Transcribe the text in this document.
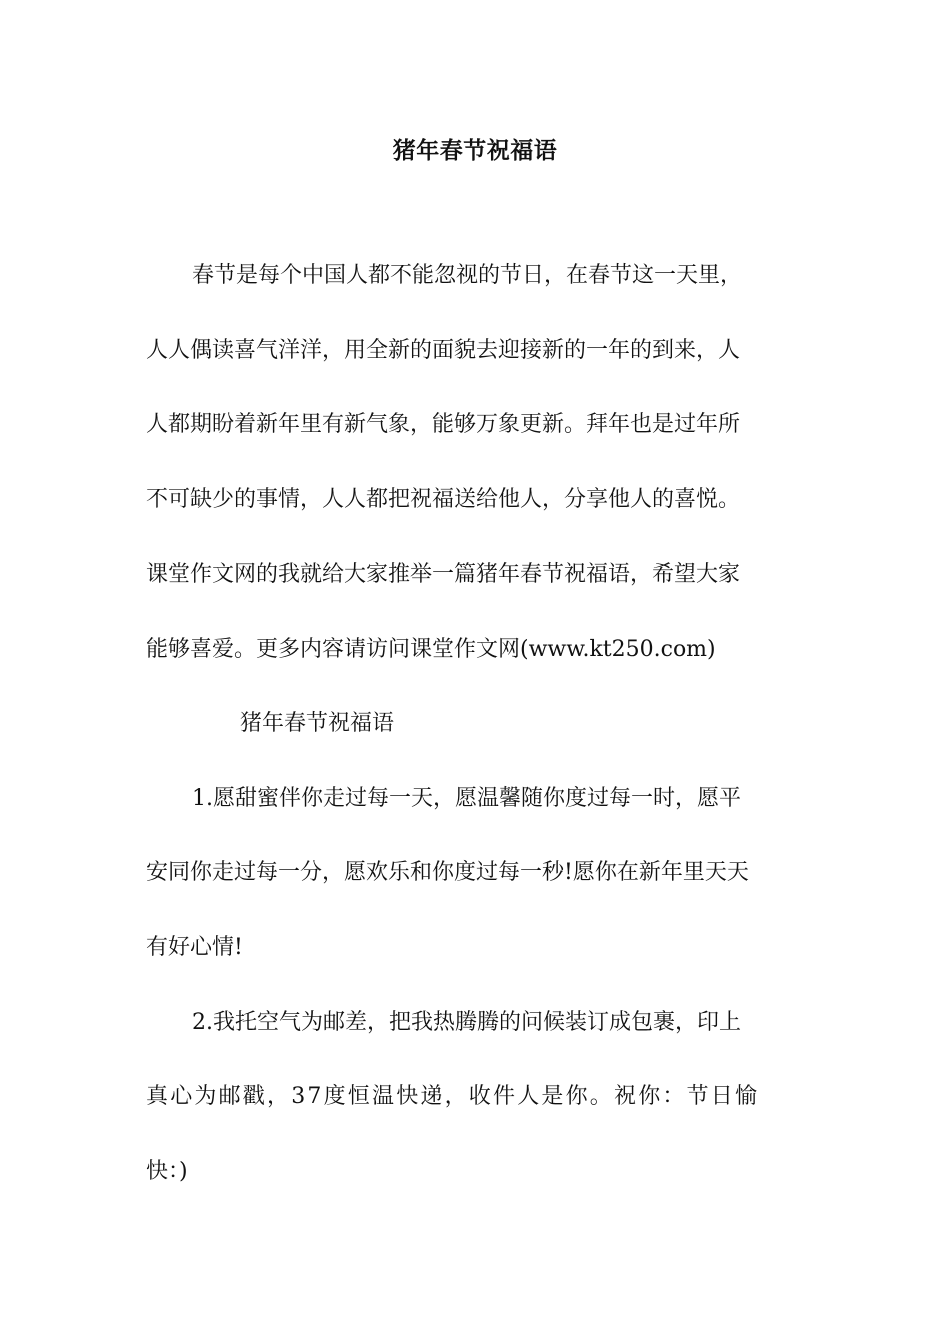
猪年春节祝福语
春节是每个中国人都不能忽视的节日，在春节这一天里，
人人偶读喜气洋洋，用全新的面貌去迎接新的一年的到来，人
人都期盼着新年里有新气象，能够万象更新。拜年也是过年所
不可缺少的事情，人人都把祝福送给他人，分享他人的喜悦。
课堂作文网的我就给大家推举一篇猪年春节祝福语，希望大家
能够喜爱。更多内容请访问课堂作文网(www.kt250.com)
猪年春节祝福语
1.愿甜蜜伴你走过每一天，愿温馨随你度过每一时，愿平
安同你走过每一分，愿欢乐和你度过每一秒!愿你在新年里天天
有好心情!
2.我托空气为邮差，把我热腾腾的问候装订成包裹，印上
真心为邮戳，37度恒温快递，收件人是你。祝你：节日愉
快：)
